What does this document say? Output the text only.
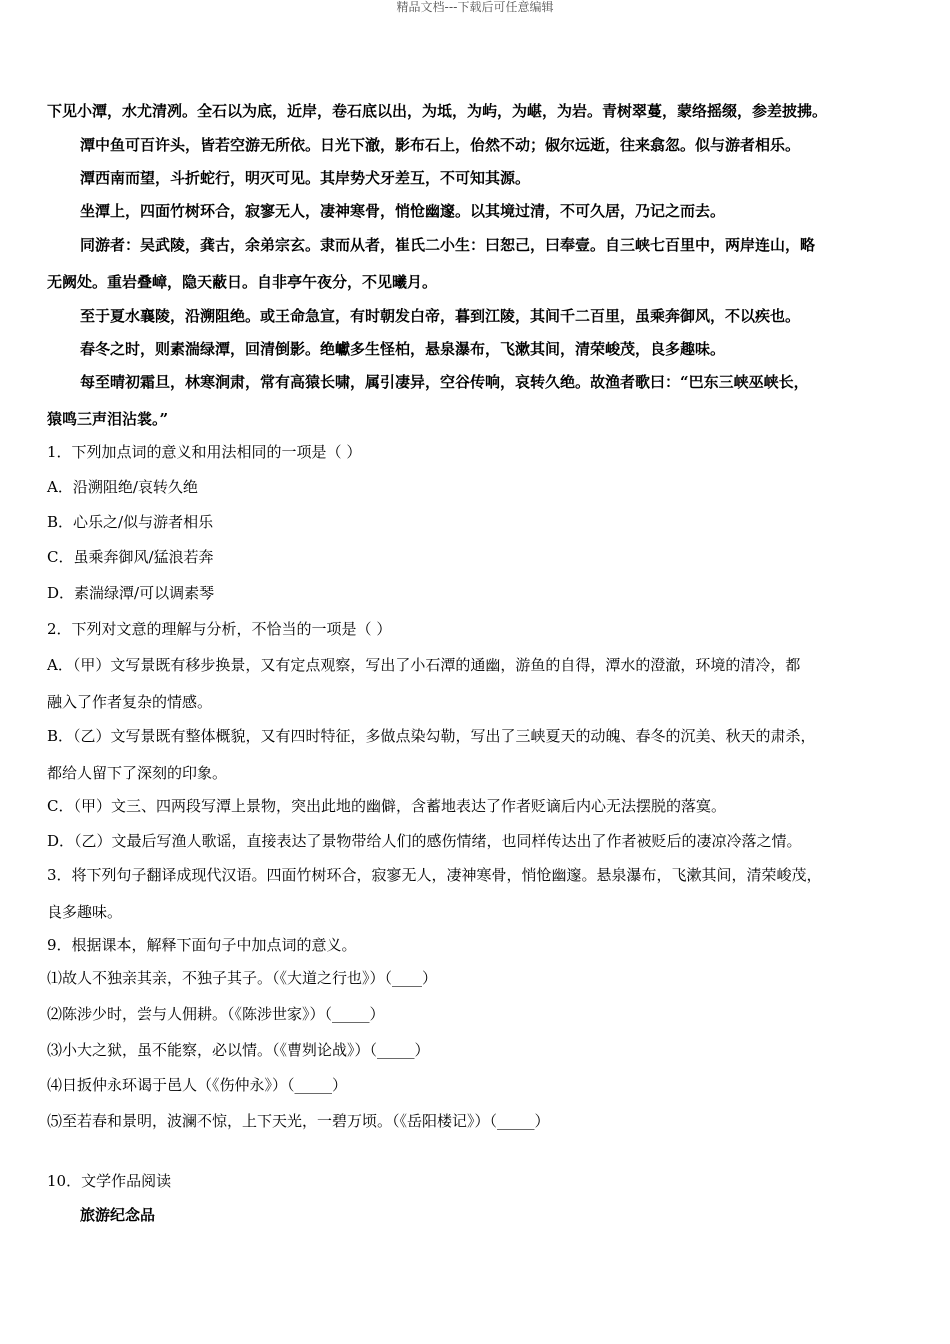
精品文档---下载后可任意编辑
下见小潭，水尤清冽。全石以为底，近岸，卷石底以出，为坻，为屿，为嵁，为岩。青树翠蔓，蒙络摇缀，参差披拂。
潭中鱼可百许头，皆若空游无所依。日光下澈，影布石上，佁然不动；俶尔远逝，往来翕忽。似与游者相乐。
潭西南而望，斗折蛇行，明灭可见。其岸势犬牙差互，不可知其源。
坐潭上，四面竹树环合，寂寥无人，凄神寒骨，悄怆幽邃。以其境过清，不可久居，乃记之而去。
同游者：吴武陵，龚古，余弟宗玄。隶而从者，崔氏二小生：曰恕己，曰奉壹。自三峡七百里中，两岸连山，略
无阙处。重岩叠嶂，隐天蔽日。自非亭午夜分，不见曦月。
至于夏水襄陵，沿溯阻绝。或王命急宣，有时朝发白帝，暮到江陵，其间千二百里，虽乘奔御风，不以疾也。
春冬之时，则素湍绿潭，回清倒影。绝巘多生怪柏，悬泉瀑布，飞漱其间，清荣峻茂，良多趣味。
每至晴初霜旦，林寒涧肃，常有高猿长啸，属引凄异，空谷传响，哀转久绝。故渔者歌曰：“巴东三峡巫峡长，
猿鸣三声泪沾裳。”
1．下列加点词的意义和用法相同的一项是（ ）
A．沿溯阻绝/哀转久绝
B．心乐之/似与游者相乐
C．虽乘奔御风/猛浪若奔
D．素湍绿潭/可以调素琴
2．下列对文意的理解与分析，不恰当的一项是（ ）
A．（甲）文写景既有移步换景，又有定点观察，写出了小石潭的通幽，游鱼的自得，潭水的澄澈，环境的清冷，都
融入了作者复杂的情感。
B．（乙）文写景既有整体概貌，又有四时特征，多做点染勾勒，写出了三峡夏天的动魄、春冬的沉美、秋天的肃杀，
都给人留下了深刻的印象。
C．（甲）文三、四两段写潭上景物，突出此地的幽僻，含蓄地表达了作者贬谪后内心无法摆脱的落寞。
D．（乙）文最后写渔人歌谣，直接表达了景物带给人们的感伤情绪，也同样传达出了作者被贬后的凄凉冷落之情。
3．将下列句子翻译成现代汉语。四面竹树环合，寂寥无人，凄神寒骨，悄怆幽邃。悬泉瀑布，飞漱其间，清荣峻茂，
良多趣味。
9．根据课本，解释下面句子中加点词的意义。
⑴故人不独亲其亲，不独子其子。（《大道之行也》）（____）
⑵陈涉少时，尝与人佣耕。（《陈涉世家》）（_____）
⑶小大之狱，虽不能察，必以情。（《曹刿论战》）（_____）
⑷日扳仲永环谒于邑人（《伤仲永》）（_____）
⑸至若春和景明，波澜不惊，上下天光，一碧万顷。（《岳阳楼记》）（_____）
10．文学作品阅读
旅游纪念品
